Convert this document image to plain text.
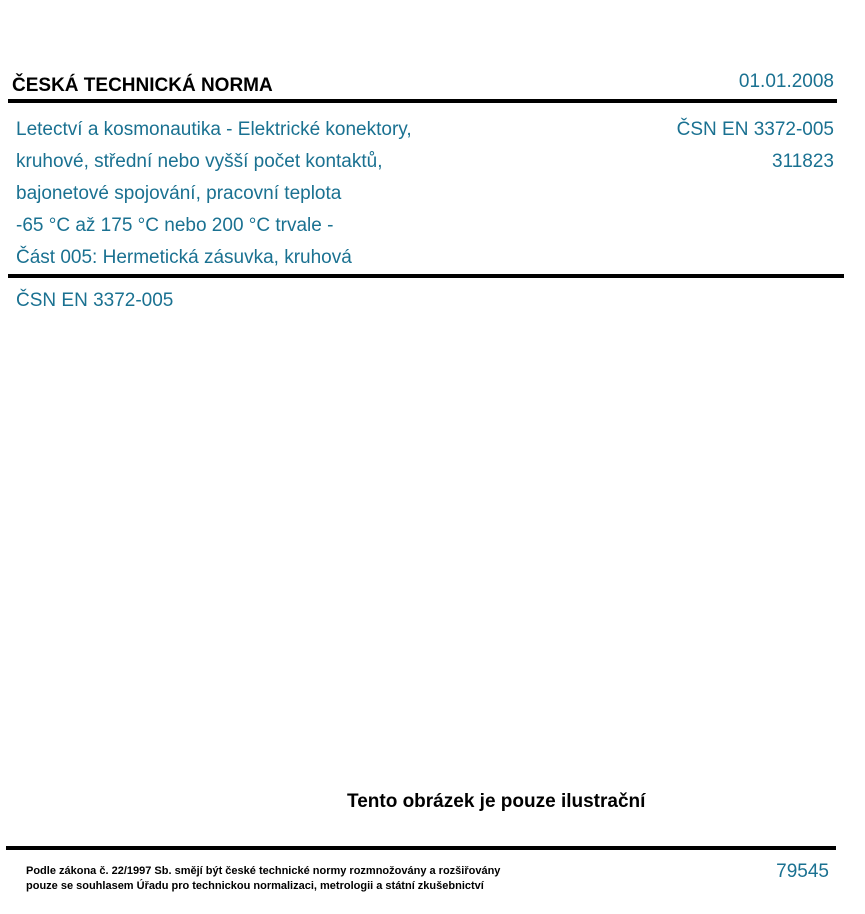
ČESKÁ TECHNICKÁ NORMA	01.01.2008
Letectví a kosmonautika - Elektrické konektory,
kruhové, střední nebo vyšší počet kontaktů,
bajonetové spojování, pracovní teplota
-65 °C až 175 °C nebo 200 °C trvale -
Část 005: Hermetická zásuvka, kruhová
ČSN EN 3372-005
311823
ČSN EN 3372-005
Tento obrázek je pouze ilustrační
Podle zákona č. 22/1997 Sb. smějí být české technické normy rozmnožovány a rozšiřovány
pouze se souhlasem Úřadu pro technickou normalizaci, metrologii a státní zkušebnictví
79545
